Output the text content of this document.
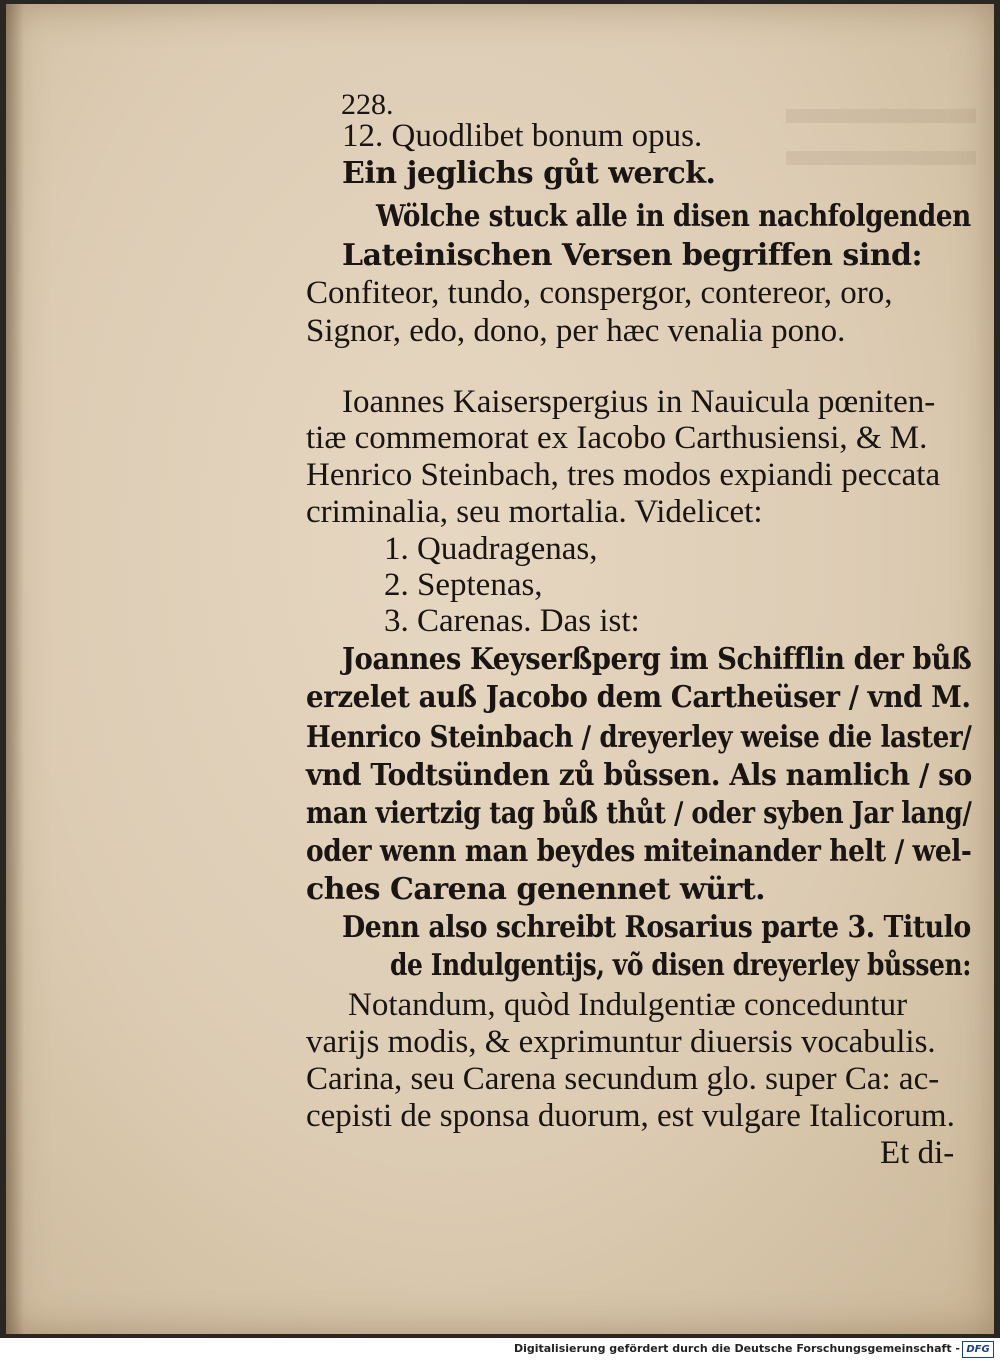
228.
12. Quodlibet bonum opus.
Ein jeglichs gůt werck.
Wölche stuck alle in disen nachfolgenden
Lateinischen Versen begriffen sind:
Confiteor, tundo, conspergor, contereor, oro,
Signor, edo, dono, per hæc venalia pono.
Ioannes Kaiserspergius in Nauicula pœniten-
tiæ commemorat ex Iacobo Carthusiensi, & M.
Henrico Steinbach, tres modos expiandi peccata
criminalia, seu mortalia. Videlicet:
1. Quadragenas,
2. Septenas,
3. Carenas. Das ist:
Joannes Keyserßperg im Schifflin der bůß
erzelet auß Jacobo dem Cartheüser / vnd M.
Henrico Steinbach / dreyerley weise die laster/
vnd Todtsünden zů bůssen. Als namlich / so
man viertzig tag bůß thůt / oder syben Jar lang/
oder wenn man beydes miteinander helt / wel-
ches Carena genennet würt.
Denn also schreibt Rosarius parte 3. Titulo
de Indulgentijs, võ disen dreyerley bůssen:
Notandum, quòd Indulgentiæ conceduntur
varijs modis, & exprimuntur diuersis vocabulis.
Carina, seu Carena secundum glo. super Ca: ac-
cepisti de sponsa duorum, est vulgare Italicorum.
Et di-
Digitalisierung gefördert durch die Deutsche Forschungsgemeinschaft - DFG
